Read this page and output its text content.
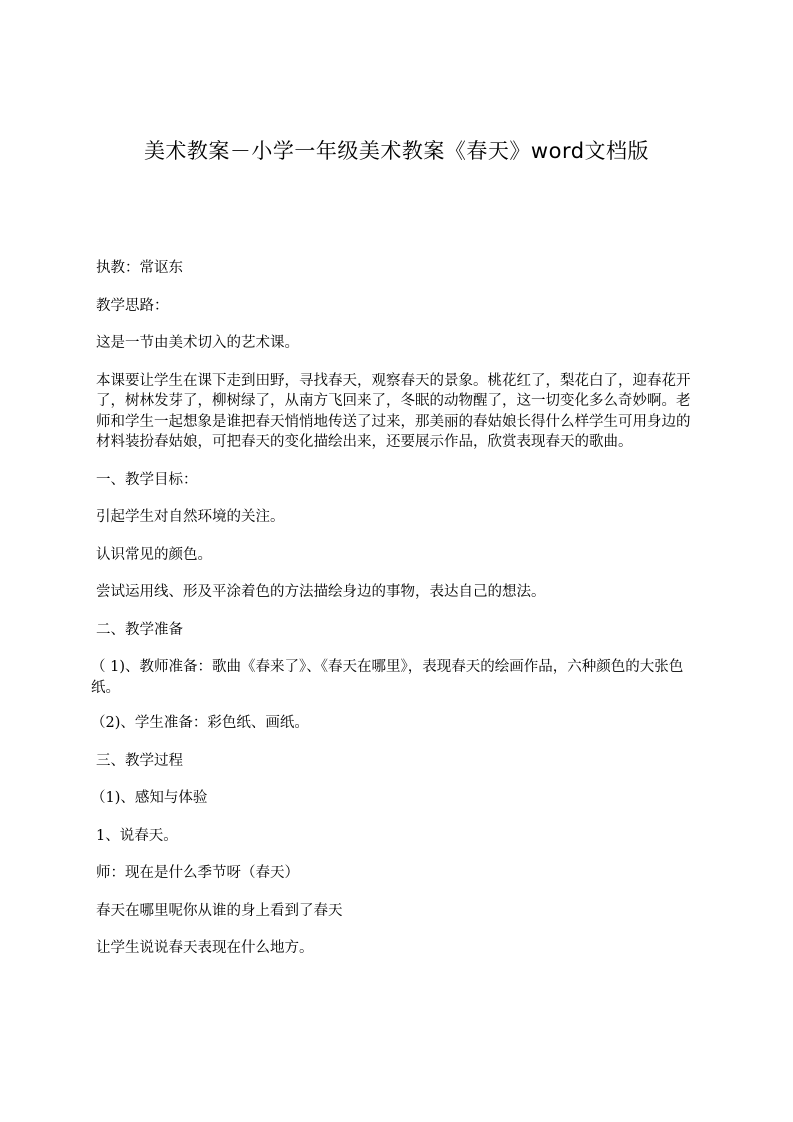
美术教案－小学一年级美术教案《春天》word文档版

执教：常讴东

教学思路：

这是一节由美术切入的艺术课。

本课要让学生在课下走到田野，寻找春天，观察春天的景象。桃花红了，梨花白了，迎春花开了，树林发芽了，柳树绿了，从南方飞回来了，冬眠的动物醒了，这一切变化多么奇妙啊。老师和学生一起想象是谁把春天悄悄地传送了过来，那美丽的春姑娘长得什么样学生可用身边的材料装扮春姑娘，可把春天的变化描绘出来，还要展示作品，欣赏表现春天的歌曲。

一、教学目标：

引起学生对自然环境的关注。

认识常见的颜色。

尝试运用线、形及平涂着色的方法描绘身边的事物，表达自己的想法。

二、教学准备

（ 1)、教师准备：歌曲《春来了》、《春天在哪里》，表现春天的绘画作品，六种颜色的大张色纸。

（2)、学生准备：彩色纸、画纸。

三、教学过程

（1)、感知与体验

1、说春天。

师：现在是什么季节呀（春天）

春天在哪里呢你从谁的身上看到了春天

让学生说说春天表现在什么地方。
